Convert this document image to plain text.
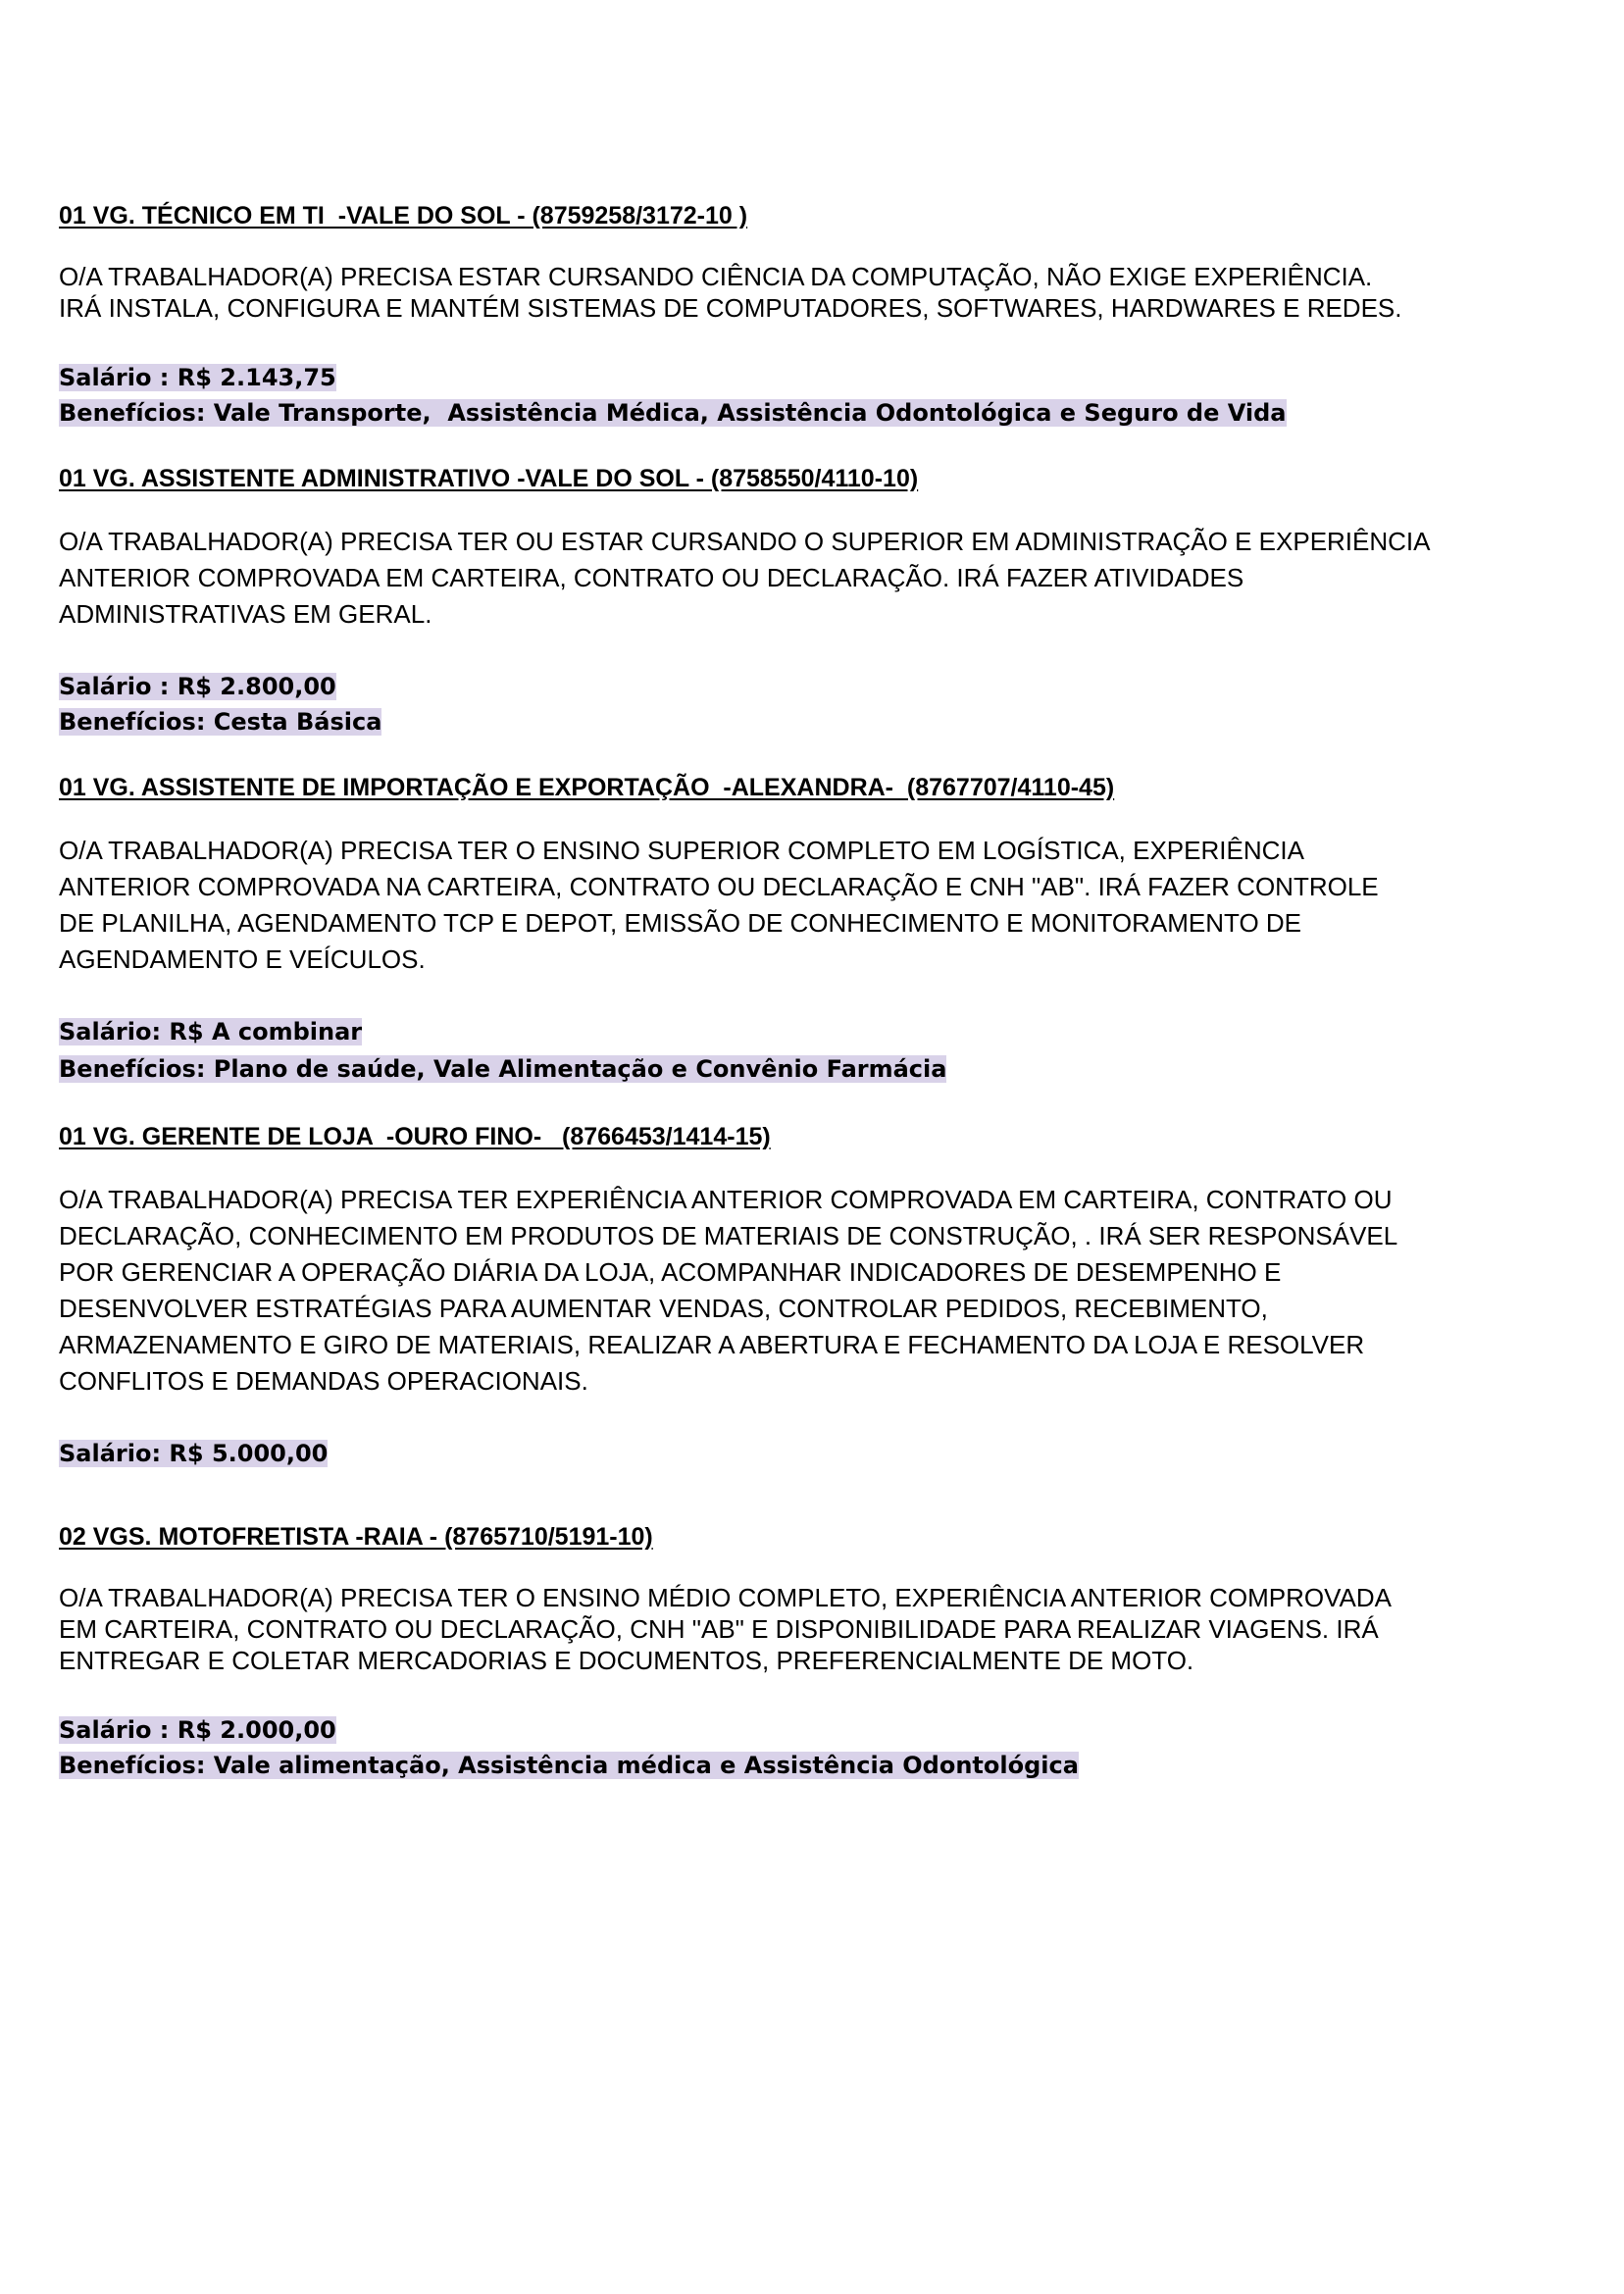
01 VG. TÉCNICO EM TI  -VALE DO SOL - (8759258/3172-10 )
O/A TRABALHADOR(A) PRECISA ESTAR CURSANDO CIÊNCIA DA COMPUTAÇÃO, NÃO EXIGE EXPERIÊNCIA.
IRÁ INSTALA, CONFIGURA E MANTÉM SISTEMAS DE COMPUTADORES, SOFTWARES, HARDWARES E REDES.
Salário : R$ 2.143,75
Benefícios: Vale Transporte,  Assistência Médica, Assistência Odontológica e Seguro de Vida
01 VG. ASSISTENTE ADMINISTRATIVO -VALE DO SOL - (8758550/4110-10)
O/A TRABALHADOR(A) PRECISA TER OU ESTAR CURSANDO O SUPERIOR EM ADMINISTRAÇÃO E EXPERIÊNCIA
ANTERIOR COMPROVADA EM CARTEIRA, CONTRATO OU DECLARAÇÃO. IRÁ FAZER ATIVIDADES
ADMINISTRATIVAS EM GERAL.
Salário : R$ 2.800,00
Benefícios: Cesta Básica
01 VG. ASSISTENTE DE IMPORTAÇÃO E EXPORTAÇÃO  -ALEXANDRA-  (8767707/4110-45)
O/A TRABALHADOR(A) PRECISA TER O ENSINO SUPERIOR COMPLETO EM LOGÍSTICA, EXPERIÊNCIA
ANTERIOR COMPROVADA NA CARTEIRA, CONTRATO OU DECLARAÇÃO E CNH "AB". IRÁ FAZER CONTROLE
DE PLANILHA, AGENDAMENTO TCP E DEPOT, EMISSÃO DE CONHECIMENTO E MONITORAMENTO DE
AGENDAMENTO E VEÍCULOS.
Salário: R$ A combinar
Benefícios: Plano de saúde, Vale Alimentação e Convênio Farmácia
01 VG. GERENTE DE LOJA  -OURO FINO-   (8766453/1414-15)
O/A TRABALHADOR(A) PRECISA TER EXPERIÊNCIA ANTERIOR COMPROVADA EM CARTEIRA, CONTRATO OU
DECLARAÇÃO, CONHECIMENTO EM PRODUTOS DE MATERIAIS DE CONSTRUÇÃO, . IRÁ SER RESPONSÁVEL
POR GERENCIAR A OPERAÇÃO DIÁRIA DA LOJA, ACOMPANHAR INDICADORES DE DESEMPENHO E
DESENVOLVER ESTRATÉGIAS PARA AUMENTAR VENDAS, CONTROLAR PEDIDOS, RECEBIMENTO,
ARMAZENAMENTO E GIRO DE MATERIAIS, REALIZAR A ABERTURA E FECHAMENTO DA LOJA E RESOLVER
CONFLITOS E DEMANDAS OPERACIONAIS.
Salário: R$ 5.000,00
02 VGS. MOTOFRETISTA -RAIA - (8765710/5191-10)
O/A TRABALHADOR(A) PRECISA TER O ENSINO MÉDIO COMPLETO, EXPERIÊNCIA ANTERIOR COMPROVADA
EM CARTEIRA, CONTRATO OU DECLARAÇÃO, CNH "AB" E DISPONIBILIDADE PARA REALIZAR VIAGENS. IRÁ
ENTREGAR E COLETAR MERCADORIAS E DOCUMENTOS, PREFERENCIALMENTE DE MOTO.
Salário : R$ 2.000,00
Benefícios: Vale alimentação, Assistência médica e Assistência Odontológica
